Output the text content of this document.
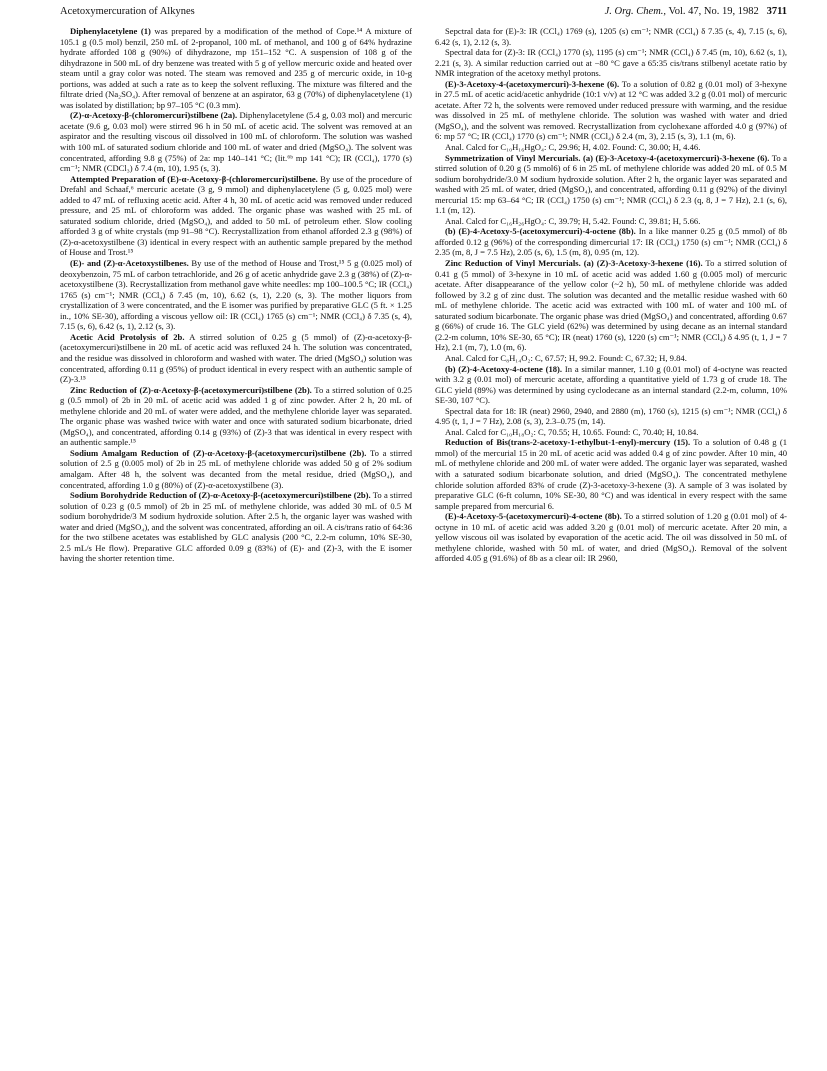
Acetoxymercuration of Alkynes	J. Org. Chem., Vol. 47, No. 19, 1982 3711

Diphenylacetylene (1) was prepared by a modification of the method of Cope.¹⁴ A mixture of 105.1 g (0.5 mol) benzil, 250 mL of 2-propanol, 100 mL of methanol, and 100 g of 64% hydrazine hydrate afforded 108 g (90%) of dihydrazone, mp 151–152 °C. A suspension of 108 g of the dihydrazone in 500 mL of dry benzene was treated with 5 g of yellow mercuric oxide and heated over steam until a gray color was noted. The steam was removed and 235 g of mercuric oxide, in 10-g portions, was added at such a rate as to keep the solvent refluxing. The mixture was filtered and the filtrate dried (Na₂SO₄). After removal of benzene at an aspirator, 63 g (70%) of diphenylacetylene (1) was isolated by distillation; bp 97–105 °C (0.3 mm).

(Z)-α-Acetoxy-β-(chloromercuri)stilbene (2a). Diphenylacetylene (5.4 g, 0.03 mol) and mercuric acetate (9.6 g, 0.03 mol) were stirred 96 h in 50 mL of acetic acid. The solvent was removed at an aspirator and the resulting viscous oil dissolved in 100 mL of chloroform. The solution was washed with 100 mL of saturated sodium chloride and 100 mL of water and dried (MgSO₄). The solvent was concentrated, affording 9.8 g (75%) of 2a: mp 140–141 °C; (lit.⁶ᵇ mp 141 °C); IR (CCl₄), 1770 (s) cm⁻¹; NMR (CDCl₃) δ 7.4 (m, 10), 1.95 (s, 3).

Attempted Preparation of (E)-α-Acetoxy-β-(chloromercuri)stilbene. By use of the procedure of Drefahl and Schaaf,⁶ mercuric acetate (3 g, 9 mmol) and diphenylacetylene (5 g, 0.025 mol) were added to 47 mL of refluxing acetic acid. After 4 h, 30 mL of acetic acid was removed under reduced pressure, and 25 mL of chloroform was added. The organic phase was washed with 25 mL of saturated sodium chloride, dried (MgSO₄), and added to 50 mL of petroleum ether. Slow cooling afforded 3 g of white crystals (mp 91–98 °C). Recrystallization from ethanol afforded 2.3 g (98%) of (Z)-α-acetoxystilbene (3) identical in every respect with an authentic sample prepared by the method of House and Trost.¹⁵

(E)- and (Z)-α-Acetoxystilbenes. By use of the method of House and Trost,¹⁵ 5 g (0.025 mol) of deoxybenzoin, 75 mL of carbon tetrachloride, and 26 g of acetic anhydride gave 2.3 g (38%) of (Z)-α-acetoxystilbene (3). Recrystallization from methanol gave white needles: mp 100–100.5 °C; IR (CCl₄) 1765 (s) cm⁻¹; NMR (CCl₄) δ 7.45 (m, 10), 6.62 (s, 1), 2.20 (s, 3). The mother liquors from crystallization of 3 were concentrated, and the E isomer was purified by preparative GLC (5 ft. × 1.25 in., 10% SE-30), affording a viscous yellow oil: IR (CCl₄) 1765 (s) cm⁻¹; NMR (CCl₄) δ 7.35 (s, 4), 7.15 (s, 6), 6.42 (s, 1), 2.12 (s, 3).

Acetic Acid Protolysis of 2b. A stirred solution of 0.25 g (5 mmol) of (Z)-α-acetoxy-β-(acetoxymercuri)stilbene in 20 mL of acetic acid was refluxed 24 h. The solution was concentrated, and the residue was dissolved in chloroform and washed with water. The dried (MgSO₄) solution was concentrated, affording 0.11 g (95%) of product identical in every respect with an authentic sample of (Z)-3.¹⁵

Zinc Reduction of (Z)-α-Acetoxy-β-(acetoxymercuri)stilbene (2b). To a stirred solution of 0.25 g (0.5 mmol) of 2b in 20 mL of acetic acid was added 1 g of zinc powder. After 2 h, 20 mL of methylene chloride and 20 mL of water were added, and the methylene chloride layer was separated. The organic phase was washed twice with water and once with saturated sodium bicarbonate, dried (MgSO₄), and concentrated, affording 0.14 g (93%) of (Z)-3 that was identical in every respect with an authentic sample.¹⁵

Sodium Amalgam Reduction of (Z)-α-Acetoxy-β-(acetoxymercuri)stilbene (2b). To a stirred solution of 2.5 g (0.005 mol) of 2b in 25 mL of methylene chloride was added 50 g of 2% sodium amalgam. After 48 h, the solvent was decanted from the metal residue, dried (MgSO₄), and concentrated, affording 1.0 g (80%) of (Z)-α-acetoxystilbene (3).

Sodium Borohydride Reduction of (Z)-α-Acetoxy-β-(acetoxymercuri)stilbene (2b). To a stirred solution of 0.23 g (0.5 mmol) of 2b in 25 mL of methylene chloride, was added 30 mL of 0.5 M sodium borohydride/3 M sodium hydroxide solution. After 2.5 h, the organic layer was washed with water and dried (MgSO₄), and the solvent was concentrated, affording an oil. A cis/trans ratio of 64:36 for the two stilbene acetates was established by GLC analysis (200 °C, 2.2-m column, 10% SE-30, 2.5 mL/s He flow). Preparative GLC afforded 0.09 g (83%) of (E)- and (Z)-3, with the E isomer having the shorter retention time.

Sepctral data for (E)-3: IR (CCl₄) 1769 (s), 1205 (s) cm⁻¹; NMR (CCl₄) δ 7.35 (s, 4), 7.15 (s, 6), 6.42 (s, 1), 2.12 (s, 3).

Spectral data for (Z)-3: IR (CCl₄) 1770 (s), 1195 (s) cm⁻¹; NMR (CCl₄) δ 7.45 (m, 10), 6.62 (s, 1), 2.21 (s, 3). A similar reduction carried out at −80 °C gave a 65:35 cis/trans stilbenyl acetate ratio by NMR integration of the acetoxy methyl protons.

(E)-3-Acetoxy-4-(acetoxymercuri)-3-hexene (6). To a solution of 0.82 g (0.01 mol) of 3-hexyne in 27.5 mL of acetic acid/acetic anhydride (10:1 v/v) at 12 °C was added 3.2 g (0.01 mol) of mercuric acetate. After 72 h, the solvents were removed under reduced pressure with warming, and the residue was dissolved in 25 mL of methylene chloride. The solution was washed with water and dried (MgSO₄), and the solvent was removed. Recrystallization from cyclohexane afforded 4.0 g (97%) of 6: mp 57 °C; IR (CCl₄) 1770 (s) cm⁻¹; NMR (CCl₄) δ 2.4 (m, 3), 2.15 (s, 3), 1.1 (m, 6).

Anal. Calcd for C₁₀H₁₆HgO₄: C, 29.96; H, 4.02. Found: C, 30.00; H, 4.46.

Symmetrization of Vinyl Mercurials. (a) (E)-3-Acetoxy-4-(acetoxymercuri)-3-hexene (6). To a stirred solution of 0.20 g (5 mmol6) of 6 in 25 mL of methylene chloride was added 20 mL of 0.5 M sodium borohydride/3.0 M sodium hydroxide solution. After 2 h, the organic layer was separated and washed with 25 mL of water, dried (MgSO₄), and concentrated, affording 0.11 g (92%) of the divinyl mercurial 15: mp 63–64 °C; IR (CCl₄) 1750 (s) cm⁻¹; NMR (CCl₄) δ 2.3 (q, 8, J = 7 Hz), 2.1 (s, 6), 1.1 (m, 12).

Anal. Calcd for C₁₆H₂₆HgO₄: C, 39.79; H, 5.42. Found: C, 39.81; H, 5.66.

(b) (E)-4-Acetoxy-5-(acetoxymercuri)-4-octene (8b). In a like manner 0.25 g (0.5 mmol) of 8b afforded 0.12 g (96%) of the corresponding dimercurial 17: IR (CCl₄) 1750 (s) cm⁻¹; NMR (CCl₄) δ 2.35 (m, 8, J = 7.5 Hz), 2.05 (s, 6), 1.5 (m, 8), 0.95 (m, 12).

Zinc Reduction of Vinyl Mercurials. (a) (Z)-3-Acetoxy-3-hexene (16). To a stirred solution of 0.41 g (5 mmol) of 3-hexyne in 10 mL of acetic acid was added 1.60 g (0.005 mol) of mercuric acetate. After disappearance of the yellow color (~2 h), 50 mL of methylene chloride was added followed by 3.2 g of zinc dust. The solution was decanted and the metallic residue washed with 60 mL of methylene chloride. The acetic acid was extracted with 100 mL of water and 100 mL of saturated sodium bicarbonate. The organic phase was dried (MgSO₄) and concentrated, affording 0.67 g (66%) of crude 16. The GLC yield (62%) was determined by using decane as an internal standard (2.2-m column, 10% SE-30, 65 °C); IR (neat) 1760 (s), 1220 (s) cm⁻¹; NMR (CCl₄) δ 4.95 (t, 1, J = 7 Hz), 2.1 (m, 7), 1.0 (m, 6).

Anal. Calcd for C₈H₁₄O₂: C, 67.57; H, 99.2. Found: C, 67.32; H, 9.84.

(b) (Z)-4-Acetoxy-4-octene (18). In a similar manner, 1.10 g (0.01 mol) of 4-octyne was reacted with 3.2 g (0.01 mol) of mercuric acetate, affording a quantitative yield of 1.73 g of crude 18. The GLC yield (89%) was determined by using cyclodecane as an internal standard (2.2-m, column, 10% SE-30, 107 °C).

Spectral data for 18: IR (neat) 2960, 2940, and 2880 (m), 1760 (s), 1215 (s) cm⁻¹; NMR (CCl₄) δ 4.95 (t, 1, J = 7 Hz), 2.08 (s, 3), 2.3–0.75 (m, 14).

Anal. Calcd for C₁₀H₁₈O₂: C, 70.55; H, 10.65. Found: C, 70.40; H, 10.84.

Reduction of Bis(trans-2-acetoxy-1-ethylbut-1-enyl)-mercury (15). To a solution of 0.48 g (1 mmol) of the mercurial 15 in 20 mL of acetic acid was added 0.4 g of zinc powder. After 10 min, 40 mL of methylene chloride and 200 mL of water were added. The organic layer was separated, washed with a saturated sodium bicarbonate solution, and dried (MgSO₄). The concentrated methylene chloride solution afforded 83% of crude (Z)-3-acetoxy-3-hexene (3). A sample of 3 was isolated by preparative GLC (6-ft column, 10% SE-30, 80 °C) and was identical in every respect with the same sample prepared from mercurial 6.

(E)-4-Acetoxy-5-(acetoxymercuri)-4-octene (8b). To a stirred solution of 1.20 g (0.01 mol) of 4-octyne in 10 mL of acetic acid was added 3.20 g (0.01 mol) of mercuric acetate. After 20 min, a yellow viscous oil was isolated by evaporation of the acetic acid. The oil was dissolved in 50 mL of methylene chloride, washed with 50 mL of water, and dried (MgSO₄). Removal of the solvent afforded 4.05 g (91.6%) of 8b as a clear oil: IR 2960,
